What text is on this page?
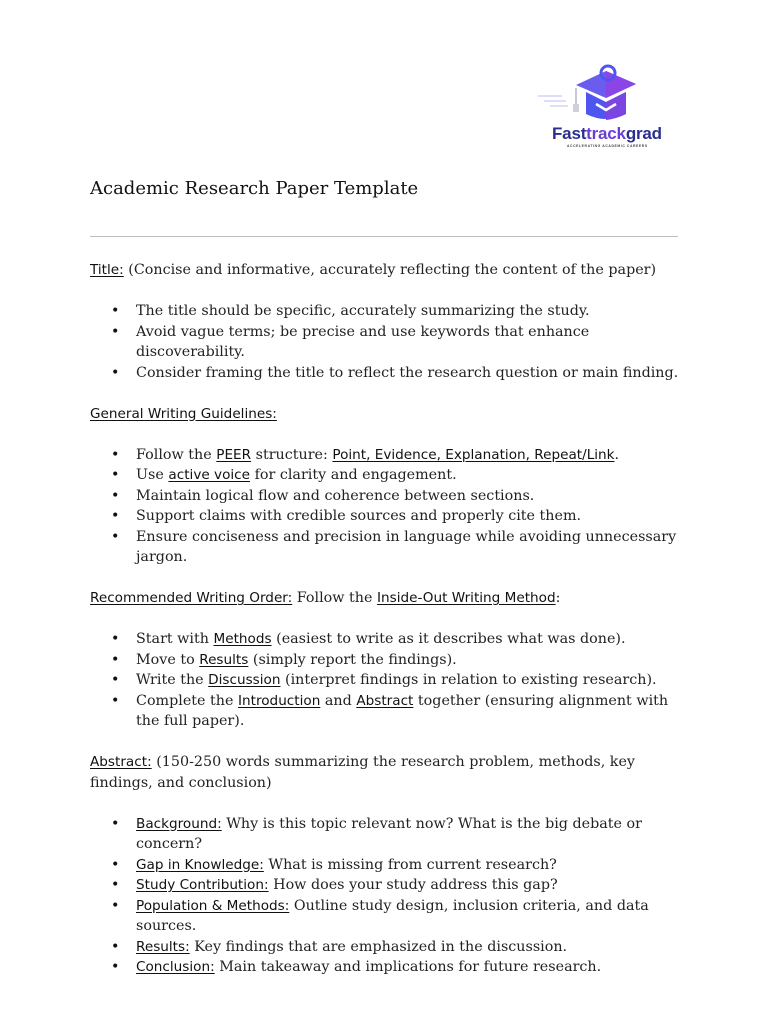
Fasttrackgrad
ACCELERATING ACADEMIC CAREERS
Academic Research Paper Template

Title: (Concise and informative, accurately reflecting the content of the paper)

• The title should be specific, accurately summarizing the study.
• Avoid vague terms; be precise and use keywords that enhance discoverability.
• Consider framing the title to reflect the research question or main finding.

General Writing Guidelines:

• Follow the PEER structure: Point, Evidence, Explanation, Repeat/Link.
• Use active voice for clarity and engagement.
• Maintain logical flow and coherence between sections.
• Support claims with credible sources and properly cite them.
• Ensure conciseness and precision in language while avoiding unnecessary jargon.

Recommended Writing Order: Follow the Inside-Out Writing Method:

• Start with Methods (easiest to write as it describes what was done).
• Move to Results (simply report the findings).
• Write the Discussion (interpret findings in relation to existing research).
• Complete the Introduction and Abstract together (ensuring alignment with the full paper).

Abstract: (150-250 words summarizing the research problem, methods, key findings, and conclusion)

• Background: Why is this topic relevant now? What is the big debate or concern?
• Gap in Knowledge: What is missing from current research?
• Study Contribution: How does your study address this gap?
• Population & Methods: Outline study design, inclusion criteria, and data sources.
• Results: Key findings that are emphasized in the discussion.
• Conclusion: Main takeaway and implications for future research.
